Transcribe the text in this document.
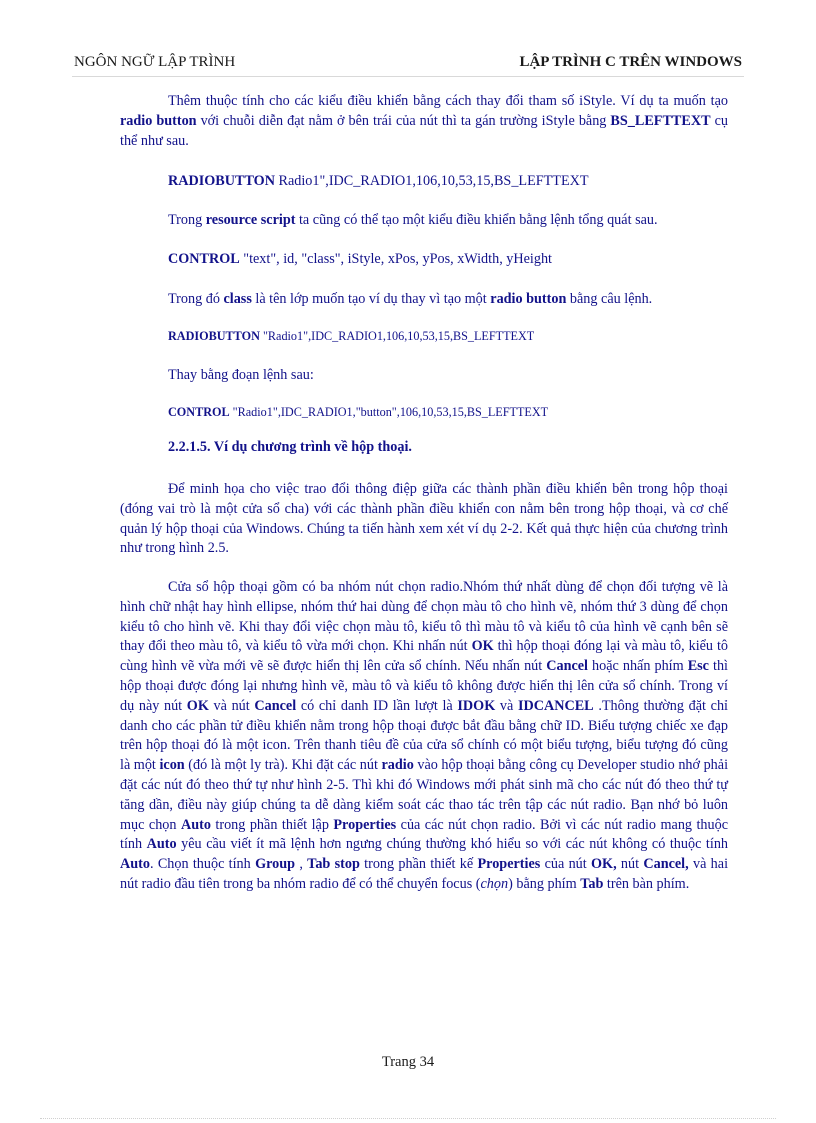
NGÔN NGỮ LẬP TRÌNH	LẬP TRÌNH C TRÊN WINDOWS

Thêm thuộc tính cho các kiểu điều khiển bằng cách thay đổi tham số iStyle. Ví dụ ta muốn tạo radio button với chuỗi diễn đạt nằm ở bên trái của nút thì ta gán trường iStyle bằng BS_LEFTTEXT cụ thể như sau.

RADIOBUTTON Radio1",IDC_RADIO1,106,10,53,15,BS_LEFTTEXT
Trong resource script ta cũng có thể tạo một kiểu điều khiển bằng lệnh tổng quát sau.
CONTROL "text", id, "class", iStyle, xPos, yPos, xWidth, yHeight
Trong đó class là tên lớp muốn tạo ví dụ thay vì tạo một radio button bằng câu lệnh.
RADIOBUTTON "Radio1",IDC_RADIO1,106,10,53,15,BS_LEFTTEXT
Thay bằng đoạn lệnh sau:
CONTROL "Radio1",IDC_RADIO1,"button",106,10,53,15,BS_LEFTTEXT
2.2.1.5. Ví dụ chương trình về hộp thoại.

Để minh họa cho việc trao đổi thông điệp giữa các thành phần điều khiển bên trong hộp thoại (đóng vai trò là một cửa sổ cha) với các thành phần điều khiển con nằm bên trong hộp thoại, và cơ chế quản lý hộp thoại của Windows. Chúng ta tiến hành xem xét ví dụ 2-2. Kết quả thực hiện của chương trình như trong hình 2.5.

Cửa sổ hộp thoại gồm có ba nhóm nút chọn radio.Nhóm thứ nhất dùng để chọn đối tượng vẽ là hình chữ nhật hay hình ellipse, nhóm thứ hai dùng để chọn màu tô cho hình vẽ, nhóm thứ 3 dùng để chọn kiểu tô cho hình vẽ. Khi thay đổi việc chọn màu tô, kiểu tô thì màu tô và kiểu tô của hình vẽ cạnh bên sẽ thay đổi theo màu tô, và kiểu tô vừa mới chọn. Khi nhấn nút OK thì hộp thoại đóng lại và màu tô, kiểu tô cùng hình vẽ vừa mới vẽ sẽ được hiển thị lên cửa sổ chính. Nếu nhấn nút Cancel hoặc nhấn phím Esc thì hộp thoại được đóng lại nhưng hình vẽ, màu tô và kiểu tô không được hiển thị lên cửa sổ chính. Trong ví dụ này nút OK và nút Cancel có chỉ danh ID lần lượt là IDOK và IDCANCEL .Thông thường đặt chỉ danh cho các phần tử điều khiển nằm trong hộp thoại được bắt đầu bằng chữ ID. Biểu tượng chiếc xe đạp trên hộp thoại đó là một icon. Trên thanh tiêu đề của cửa sổ chính có một biểu tượng, biểu tượng đó cũng là một icon (đó là một ly trà). Khi đặt các nút radio vào hộp thoại bằng công cụ Developer studio nhớ phải đặt các nút đó theo thứ tự như hình 2-5. Thì khi đó Windows mới phát sinh mã cho các nút đó theo thứ tự tăng dần, điều này giúp chúng ta dễ dàng kiểm soát các thao tác trên tập các nút radio. Bạn nhớ bỏ luôn mục chọn Auto trong phần thiết lập Properties của các nút chọn radio. Bởi vì các nút radio mang thuộc tính Auto yêu cầu viết ít mã lệnh hơn ngưng chúng thường khó hiểu so với các nút không có thuộc tính Auto. Chọn thuộc tính Group , Tab stop trong phần thiết kế Properties của nút OK, nút Cancel, và hai nút radio đầu tiên trong ba nhóm radio để có thể chuyển focus (chọn) bằng phím Tab trên bàn phím.

Trang 34
